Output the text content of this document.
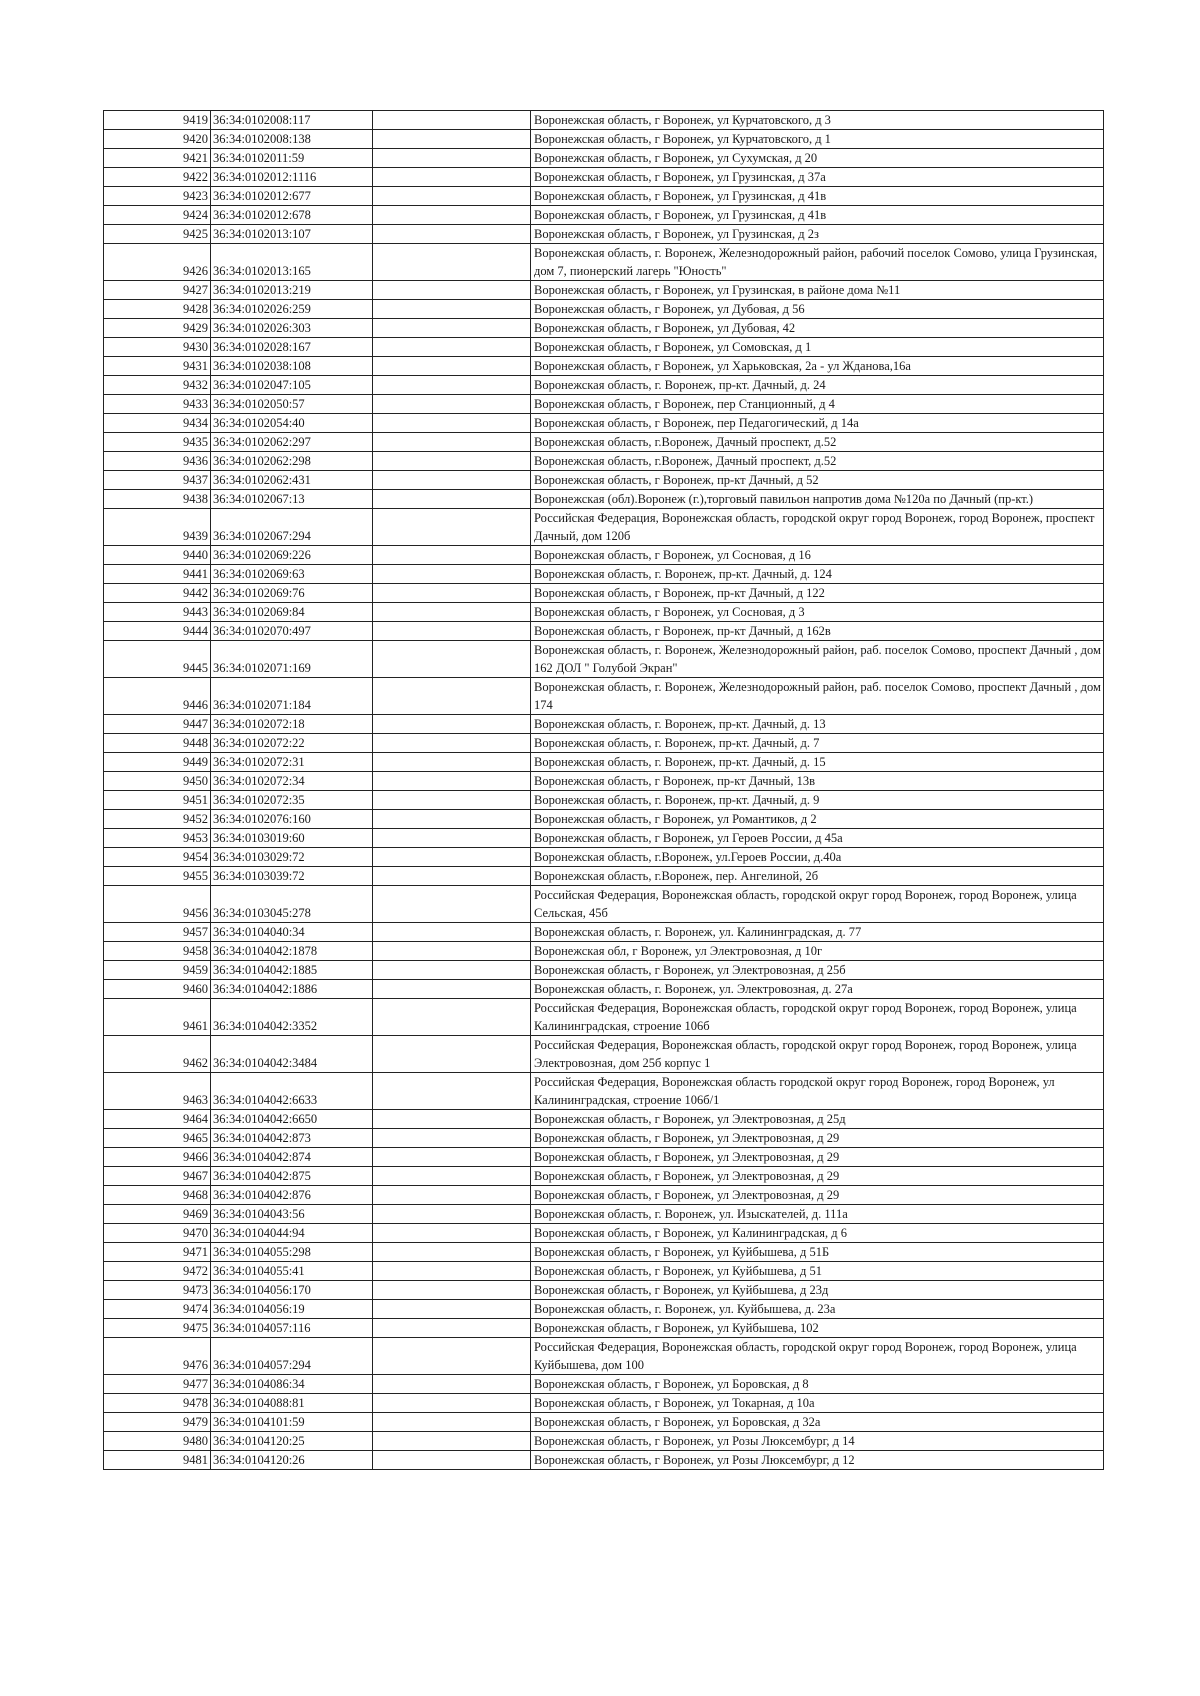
9419	36:34:0102008:117		Воронежская область, г Воронеж, ул Курчатовского, д 3
9420	36:34:0102008:138		Воронежская область, г Воронеж, ул Курчатовского, д 1
9421	36:34:0102011:59		Воронежская область, г Воронеж, ул Сухумская, д 20
9422	36:34:0102012:1116		Воронежская область, г Воронеж, ул Грузинская, д 37а
9423	36:34:0102012:677		Воронежская область, г Воронеж, ул Грузинская, д 41в
9424	36:34:0102012:678		Воронежская область, г Воронеж, ул Грузинская, д 41в
9425	36:34:0102013:107		Воронежская область, г Воронеж, ул Грузинская, д 2з
9426	36:34:0102013:165		Воронежская область, г. Воронеж, Железнодорожный район, рабочий поселок Сомово, улица Грузинская, дом 7, пионерский лагерь "Юность"
9427	36:34:0102013:219		Воронежская область, г Воронеж, ул Грузинская, в районе дома №11
9428	36:34:0102026:259		Воронежская область, г Воронеж, ул Дубовая, д 56
9429	36:34:0102026:303		Воронежская область, г Воронеж, ул Дубовая, 42
9430	36:34:0102028:167		Воронежская область, г Воронеж, ул Сомовская, д 1
9431	36:34:0102038:108		Воронежская область, г Воронеж, ул Харьковская, 2а - ул Жданова,16а
9432	36:34:0102047:105		Воронежская область, г. Воронеж, пр-кт. Дачный, д. 24
9433	36:34:0102050:57		Воронежская область, г Воронеж, пер Станционный, д 4
9434	36:34:0102054:40		Воронежская область, г Воронеж, пер Педагогический, д 14а
9435	36:34:0102062:297		Воронежская область, г.Воронеж, Дачный проспект, д.52
9436	36:34:0102062:298		Воронежская область, г.Воронеж, Дачный проспект, д.52
9437	36:34:0102062:431		Воронежская область, г Воронеж, пр-кт Дачный, д 52
9438	36:34:0102067:13		Воронежская (обл).Воронеж (г.),торговый павильон напротив дома №120а по Дачный (пр-кт.)
9439	36:34:0102067:294		Российская Федерация, Воронежская область, городской округ город Воронеж, город Воронеж, проспект Дачный, дом 120б
9440	36:34:0102069:226		Воронежская область, г Воронеж, ул Сосновая, д 16
9441	36:34:0102069:63		Воронежская область, г. Воронеж, пр-кт. Дачный, д. 124
9442	36:34:0102069:76		Воронежская область, г Воронеж, пр-кт Дачный, д 122
9443	36:34:0102069:84		Воронежская область, г Воронеж, ул Сосновая, д 3
9444	36:34:0102070:497		Воронежская область, г Воронеж, пр-кт Дачный, д 162в
9445	36:34:0102071:169		Воронежская область, г. Воронеж, Железнодорожный район, раб. поселок Сомово, проспект Дачный , дом 162 ДОЛ " Голубой Экран"
9446	36:34:0102071:184		Воронежская область, г. Воронеж, Железнодорожный район, раб. поселок Сомово, проспект Дачный , дом 174
9447	36:34:0102072:18		Воронежская область, г. Воронеж, пр-кт. Дачный, д. 13
9448	36:34:0102072:22		Воронежская область, г. Воронеж, пр-кт. Дачный, д. 7
9449	36:34:0102072:31		Воронежская область, г. Воронеж, пр-кт. Дачный, д. 15
9450	36:34:0102072:34		Воронежская область, г Воронеж, пр-кт Дачный, 13в
9451	36:34:0102072:35		Воронежская область, г. Воронеж, пр-кт. Дачный, д. 9
9452	36:34:0102076:160		Воронежская область, г Воронеж, ул Романтиков, д 2
9453	36:34:0103019:60		Воронежская область, г Воронеж, ул Героев России, д 45а
9454	36:34:0103029:72		Воронежская область, г.Воронеж, ул.Героев России, д.40а
9455	36:34:0103039:72		Воронежская область, г.Воронеж, пер. Ангелиной, 2б
9456	36:34:0103045:278		Российская Федерация, Воронежская область, городской округ город Воронеж, город Воронеж, улица Сельская, 45б
9457	36:34:0104040:34		Воронежская область, г. Воронеж, ул. Калининградская, д. 77
9458	36:34:0104042:1878		Воронежская обл, г Воронеж, ул Электровозная, д 10г
9459	36:34:0104042:1885		Воронежская область, г Воронеж, ул Электровозная, д 25б
9460	36:34:0104042:1886		Воронежская область, г. Воронеж, ул. Электровозная, д. 27а
9461	36:34:0104042:3352		Российская Федерация, Воронежская область, городской округ город Воронеж, город Воронеж, улица Калининградская, строение 106б
9462	36:34:0104042:3484		Российская Федерация, Воронежская область, городской округ город Воронеж, город Воронеж, улица Электровозная, дом 25б корпус 1
9463	36:34:0104042:6633		Российская Федерация, Воронежская область городской округ город Воронеж, город Воронеж, ул Калининградская, строение 106б/1
9464	36:34:0104042:6650		Воронежская область, г Воронеж, ул Электровозная, д 25д
9465	36:34:0104042:873		Воронежская область, г Воронеж, ул Электровозная, д 29
9466	36:34:0104042:874		Воронежская область, г Воронеж, ул Электровозная, д 29
9467	36:34:0104042:875		Воронежская область, г Воронеж, ул Электровозная, д 29
9468	36:34:0104042:876		Воронежская область, г Воронеж, ул Электровозная, д 29
9469	36:34:0104043:56		Воронежская область, г. Воронеж, ул. Изыскателей, д. 111а
9470	36:34:0104044:94		Воронежская область, г Воронеж, ул Калининградская, д 6
9471	36:34:0104055:298		Воронежская область, г Воронеж, ул Куйбышева, д 51Б
9472	36:34:0104055:41		Воронежская область, г Воронеж, ул Куйбышева, д 51
9473	36:34:0104056:170		Воронежская область, г Воронеж, ул Куйбышева, д 23д
9474	36:34:0104056:19		Воронежская область, г. Воронеж, ул. Куйбышева, д. 23а
9475	36:34:0104057:116		Воронежская область, г Воронеж, ул Куйбышева, 102
9476	36:34:0104057:294		Российская Федерация, Воронежская область, городской округ город Воронеж, город Воронеж, улица Куйбышева, дом 100
9477	36:34:0104086:34		Воронежская область, г Воронеж, ул Боровская, д 8
9478	36:34:0104088:81		Воронежская область, г Воронеж, ул Токарная, д 10а
9479	36:34:0104101:59		Воронежская область, г Воронеж, ул Боровская, д 32а
9480	36:34:0104120:25		Воронежская область, г Воронеж, ул Розы Люксембург, д 14
9481	36:34:0104120:26		Воронежская область, г Воронеж, ул Розы Люксембург, д 12
